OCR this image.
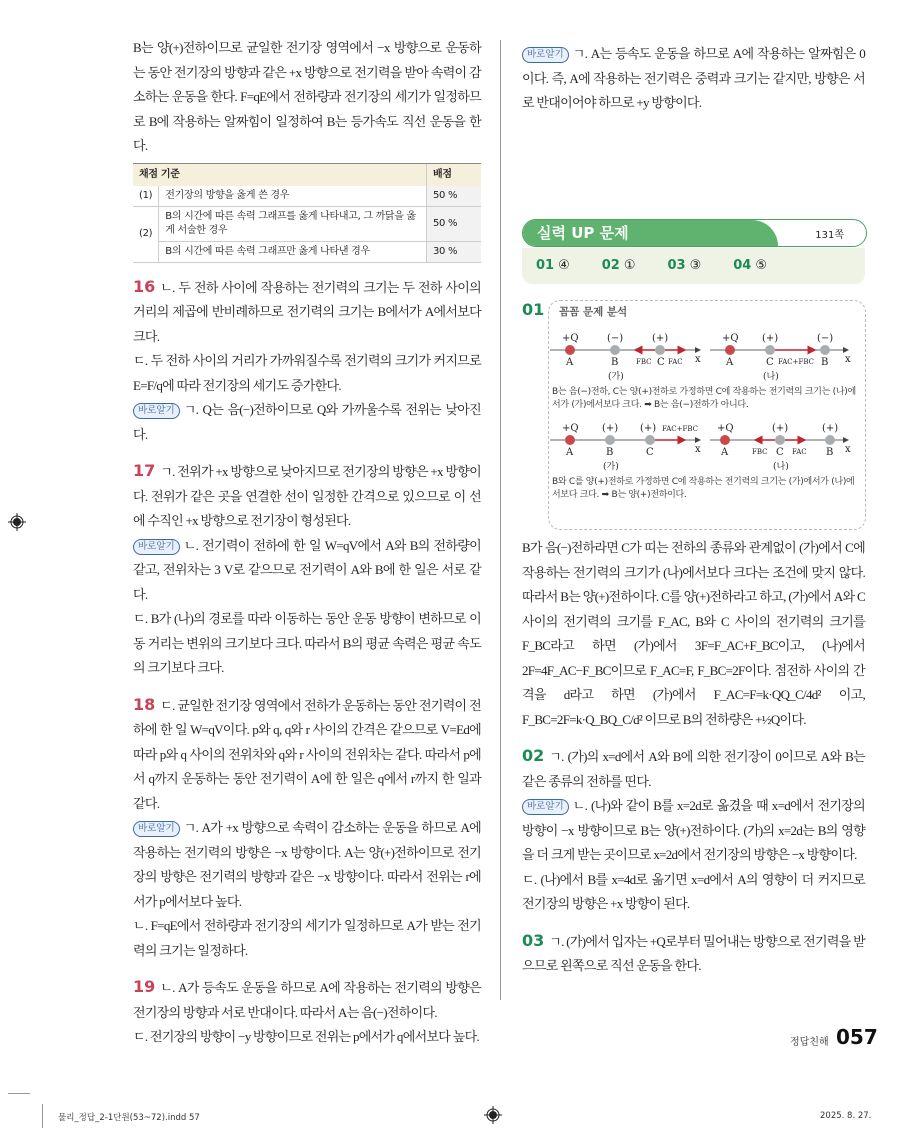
B는 양(+)전하이므로 균일한 전기장 영역에서 −x 방향으로 운동하는 동안 전기장의 방향과 같은 +x 방향으로 전기력을 받아 속력이 감소하는 운동을 한다. F=qE에서 전하량과 전기장의 세기가 일정하므로 B에 작용하는 알짜힘이 일정하여 B는 등가속도 직선 운동을 한다.

채점 기준		배점
(1)	전기장의 방향을 옳게 쓴 경우	50 %
(2)	B의 시간에 따른 속력 그래프를 옳게 나타내고, 그 까닭을 옳게 서술한 경우	50 %
	B의 시간에 따른 속력 그래프만 옳게 나타낸 경우	30 %

16 ㄴ. 두 전하 사이에 작용하는 전기력의 크기는 두 전하 사이의 거리의 제곱에 반비례하므로 전기력의 크기는 B에서가 A에서보다 크다.

ㄷ. 두 전하 사이의 거리가 가까워질수록 전기력의 크기가 커지므로 E=F/q에 따라 전기장의 세기도 증가한다.

바로알기 ㄱ. Q는 음(−)전하이므로 Q와 가까울수록 전위는 낮아진다.

17 ㄱ. 전위가 +x 방향으로 낮아지므로 전기장의 방향은 +x 방향이다. 전위가 같은 곳을 연결한 선이 일정한 간격으로 있으므로 이 선에 수직인 +x 방향으로 전기장이 형성된다.

바로알기 ㄴ. 전기력이 전하에 한 일 W=qV에서 A와 B의 전하량이 같고, 전위차는 3 V로 같으므로 전기력이 A와 B에 한 일은 서로 같다.

ㄷ. B가 (나)의 경로를 따라 이동하는 동안 운동 방향이 변하므로 이동 거리는 변위의 크기보다 크다. 따라서 B의 평균 속력은 평균 속도의 크기보다 크다.

18 ㄷ. 균일한 전기장 영역에서 전하가 운동하는 동안 전기력이 전하에 한 일 W=qV이다. p와 q, q와 r 사이의 간격은 같으므로 V=Ed에 따라 p와 q 사이의 전위차와 q와 r 사이의 전위차는 같다. 따라서 p에서 q까지 운동하는 동안 전기력이 A에 한 일은 q에서 r까지 한 일과 같다.

바로알기 ㄱ. A가 +x 방향으로 속력이 감소하는 운동을 하므로 A에 작용하는 전기력의 방향은 −x 방향이다. A는 양(+)전하이므로 전기장의 방향은 전기력의 방향과 같은 −x 방향이다. 따라서 전위는 r에서가 p에서보다 높다.

ㄴ. F=qE에서 전하량과 전기장의 세기가 일정하므로 A가 받는 전기력의 크기는 일정하다.

19 ㄴ. A가 등속도 운동을 하므로 A에 작용하는 전기력의 방향은 전기장의 방향과 서로 반대이다. 따라서 A는 음(−)전하이다.

ㄷ. 전기장의 방향이 −y 방향이므로 전위는 p에서가 q에서보다 높다.

바로알기 ㄱ. A는 등속도 운동을 하므로 A에 작용하는 알짜힘은 0이다. 즉, A에 작용하는 전기력은 중력과 크기는 같지만, 방향은 서로 반대이어야 하므로 +y 방향이다.

실력 UP 문제	131쪽
01 ④ 02 ① 03 ③ 04 ⑤
01 꼼꼼 문제 분석
+Q	(−)	(+)
A	B	C	x
FBC FAC
(가)
+Q (+)	(−)
A	C	B x
FAC+FBC
(나)
B는 음(−)전하, C는 양(+)전하로 가정하면 C에 작용하는 전기력의 크기는 (나)에서가 (가)에서보다 크다. ➡ B는 음(−)전하가 아니다.
+Q (+) (+) FAC+FBC
A	B	C	x
(가)
+Q	(+)	(+)
A	C	B x
FBC	FAC
(나)
B와 C를 양(+)전하로 가정하면 C에 작용하는 전기력의 크기는 (가)에서가 (나)에서보다 크다. ➡ B는 양(+)전하이다.

B가 음(−)전하라면 C가 띠는 전하의 종류와 관계없이 (가)에서 C에 작용하는 전기력의 크기가 (나)에서보다 크다는 조건에 맞지 않다. 따라서 B는 양(+)전하이다. C를 양(+)전하라고 하고, (가)에서 A와 C 사이의 전기력의 크기를 F_AC, B와 C 사이의 전기력의 크기를 F_BC라고 하면 (가)에서 3F=F_AC+F_BC이고, (나)에서 2F=4F_AC−F_BC이므로 F_AC=F, F_BC=2F이다. 점전하 사이의 간격을 d라고 하면 (가)에서 F_AC=F=k·QQ_C/4d² 이고, F_BC=2F=k·Q_BQ_C/d² 이므로 B의 전하량은 +½Q이다.

02 ㄱ. (가)의 x=d에서 A와 B에 의한 전기장이 0이므로 A와 B는 같은 종류의 전하를 띤다.

바로알기 ㄴ. (나)와 같이 B를 x=2d로 옮겼을 때 x=d에서 전기장의 방향이 −x 방향이므로 B는 양(+)전하이다. (가)의 x=2d는 B의 영향을 더 크게 받는 곳이므로 x=2d에서 전기장의 방향은 −x 방향이다.

ㄷ. (나)에서 B를 x=4d로 옮기면 x=d에서 A의 영향이 더 커지므로 전기장의 방향은 +x 방향이 된다.

03 ㄱ. (가)에서 입자는 +Q로부터 밀어내는 방향으로 전기력을 받으므로 왼쪽으로 직선 운동을 한다.

정답친해 057
물리_정답_2-1단원(53~72).indd 57	2025. 8. 27.
